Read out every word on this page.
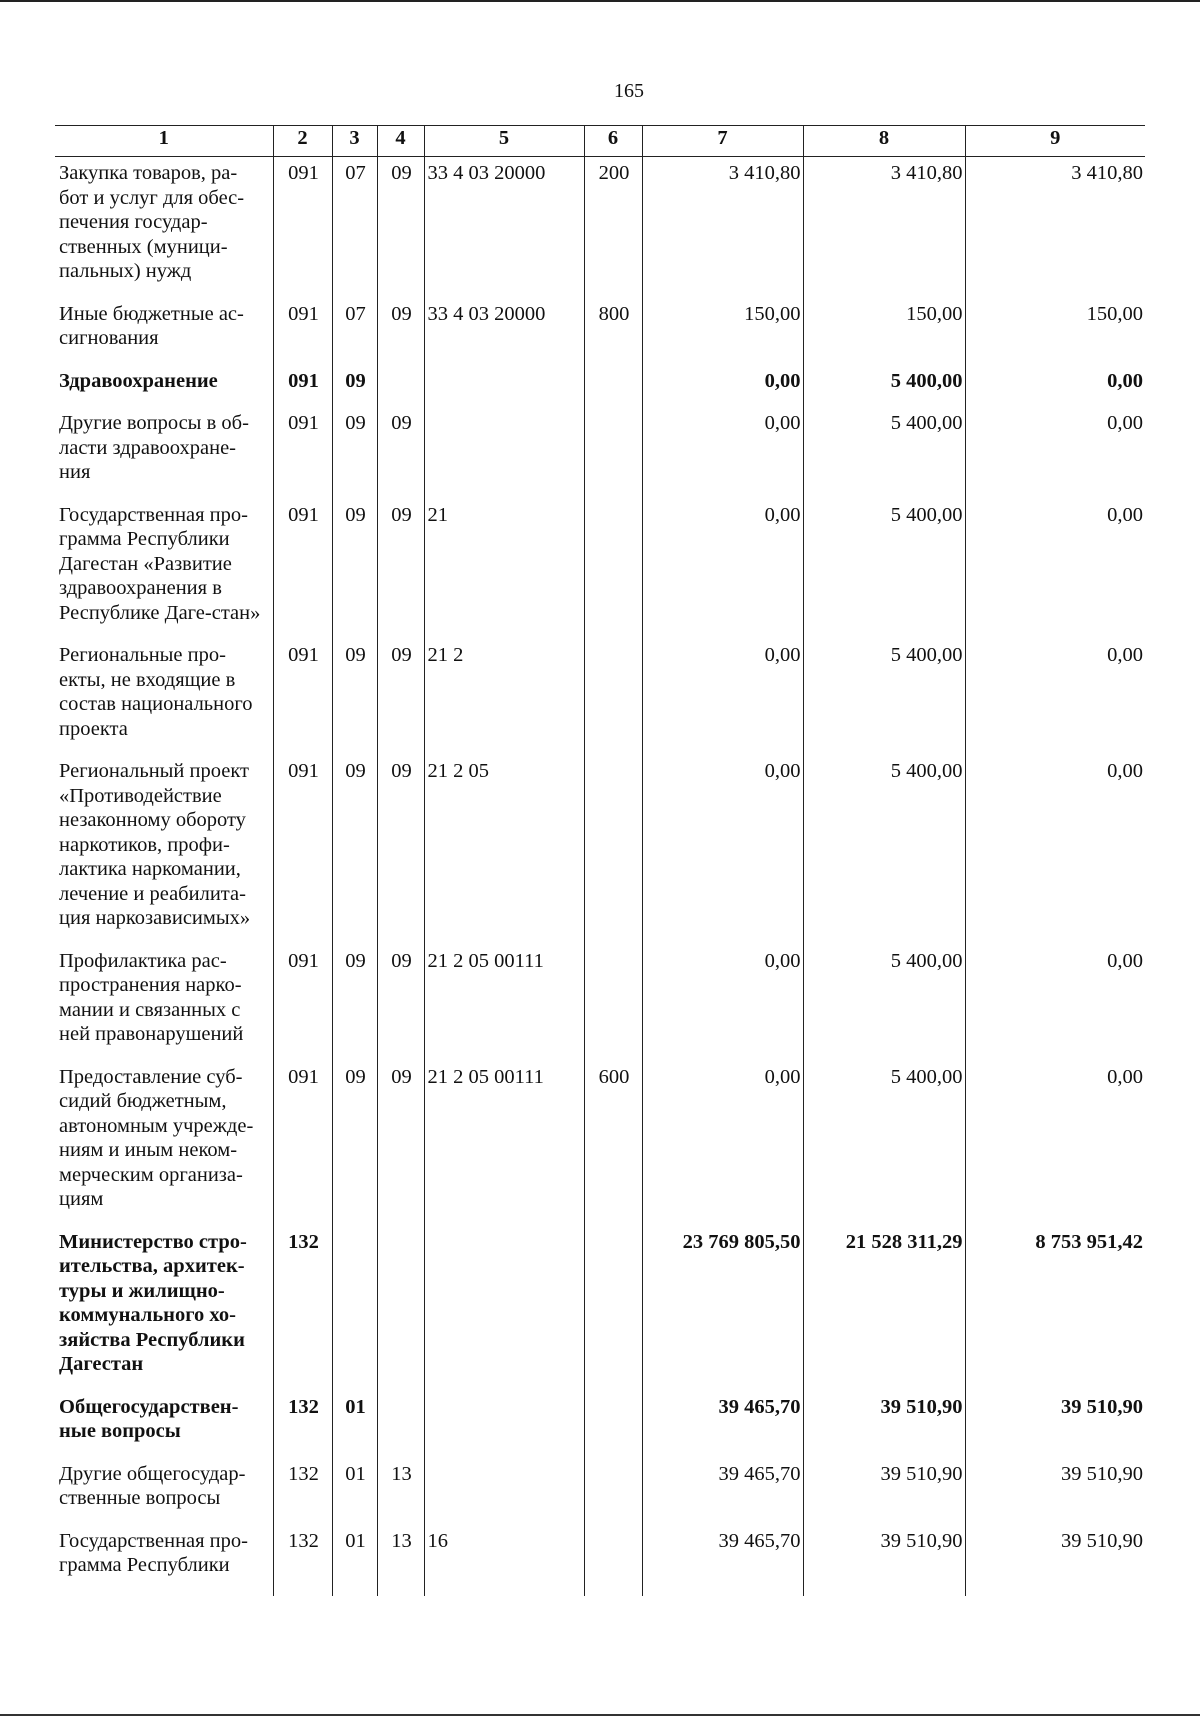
165
1	2	3	4	5	6	7	8	9
Закупка товаров, ра-бот и услуг для обес-печения государ-ственных (муници-пальных) нужд	091	07	09	33 4 03 20000	200	3 410,80	3 410,80	3 410,80
Иные бюджетные ас-сигнования	091	07	09	33 4 03 20000	800	150,00	150,00	150,00
Здравоохранение	091	09				0,00	5 400,00	0,00
Другие вопросы в об-ласти здравоохране-ния	091	09	09			0,00	5 400,00	0,00
Государственная про-грамма Республики Дагестан «Развитие здравоохранения в Республике Даге-стан»	091	09	09	21		0,00	5 400,00	0,00
Региональные про-екты, не входящие в состав национального проекта	091	09	09	21 2		0,00	5 400,00	0,00
Региональный проект «Противодействие незаконному обороту наркотиков, профи-лактика наркомании, лечение и реабилита-ция наркозависимых»	091	09	09	21 2 05		0,00	5 400,00	0,00
Профилактика рас-пространения нарко-мании и связанных с ней правонарушений	091	09	09	21 2 05 00111		0,00	5 400,00	0,00
Предоставление суб-сидий бюджетным, автономным учрежде-ниям и иным неком-мерческим организа-циям	091	09	09	21 2 05 00111	600	0,00	5 400,00	0,00
Министерство стро-ительства, архитек-туры и жилищно-коммунального хо-зяйства Республики Дагестан	132					23 769 805,50	21 528 311,29	8 753 951,42
Общегосударствен-ные вопросы	132	01				39 465,70	39 510,90	39 510,90
Другие общегосудар-ственные вопросы	132	01	13			39 465,70	39 510,90	39 510,90
Государственная про-грамма Республики	132	01	13	16		39 465,70	39 510,90	39 510,90
